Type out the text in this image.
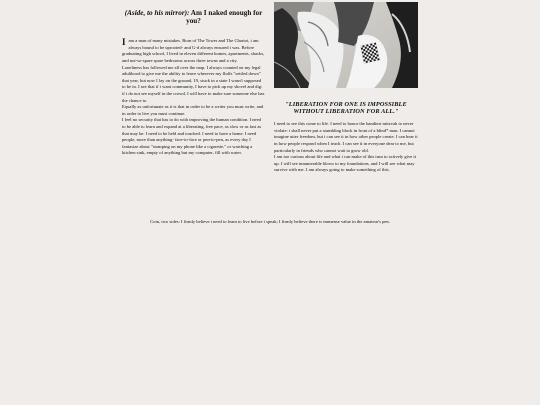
(Aside, to his mirror): Am I naked enough for you?

I am a man of many mistakes. Born of The Tower and The Chariot, i am always bound to be uprooted- and G-d always ensured i was. Before graduating high school, I lived in eleven different homes, apartments, shacks, and not-so-spare spare bedrooms across three towns and a city.

Loneliness has followed me all over the map. I always counted on my legal adulthood to give me the ability to leave wherever my fluffs "settled down" that year, but now I lay on the ground, 19, stuck in a state I wasn't supposed to be in. I see that if i want community, I have to pick up my shovel and dig: if i do not see myself in the crowd, I will have to make sure someone else has the chance to.

Equally as unfortunate as it is that in order to be a writer you must write, and in order to live you must continue.

I feel no security that has to do with improving the human condition. I need to be able to learn and expand at a liberating, free pace, as slow or as fast as that may be. I need to be held and touched. I need to have a home. I need people, more than anything- face-to-face or pen-to-pen, as every day I fantasize about "stomping on my phone like a cigarette," or watching a kitchen sink, empty of anything but my computer, fill with water.

"LIBERATION FOR ONE IS IMPOSSIBLE WITHOUT LIBERATION FOR ALL."

I need to see this come to life. I need to honor the bandiest mitzvah to never violate: i shall never put a stumbling block in front of a blind* man. I cannot imagine utter freedom, but i can see it in how other people create. I can hear it in how people respond when I teach. I can see it in everyone dear to me, but particularly in friends who cannot wait to grow old.

I am too curious about life and what i can make of this turn to actively give it up. I will see innumerable blows to my foundations, and I will see what may survive with me. I am always going to make something of this.

Coin, two sides: I firmly believe i need to learn to live before i speak; I firmly believe there is immense value in the amateur's pen.
